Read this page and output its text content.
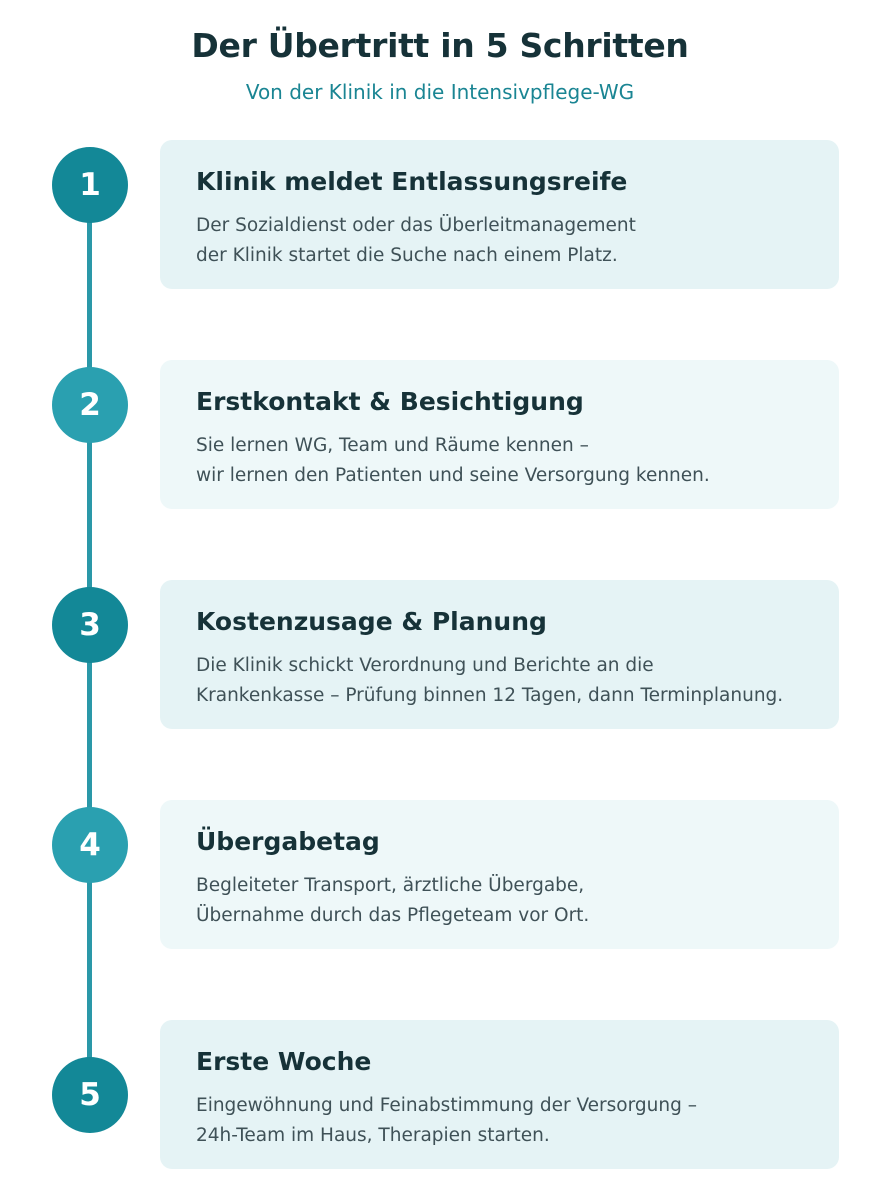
Der Übertritt in 5 Schritten
Von der Klinik in die Intensivpflege-WG
1	Klinik meldet Entlassungsreife
Der Sozialdienst oder das Überleitmanagement
der Klinik startet die Suche nach einem Platz.
2	Erstkontakt & Besichtigung
Sie lernen WG, Team und Räume kennen –
wir lernen den Patienten und seine Versorgung kennen.
3	Kostenzusage & Planung
Die Klinik schickt Verordnung und Berichte an die
Krankenkasse – Prüfung binnen 12 Tagen, dann Terminplanung.
4	Übergabetag
Begleiteter Transport, ärztliche Übergabe,
Übernahme durch das Pflegeteam vor Ort.
5
Erste Woche
Eingewöhnung und Feinabstimmung der Versorgung –
24h-Team im Haus, Therapien starten.
